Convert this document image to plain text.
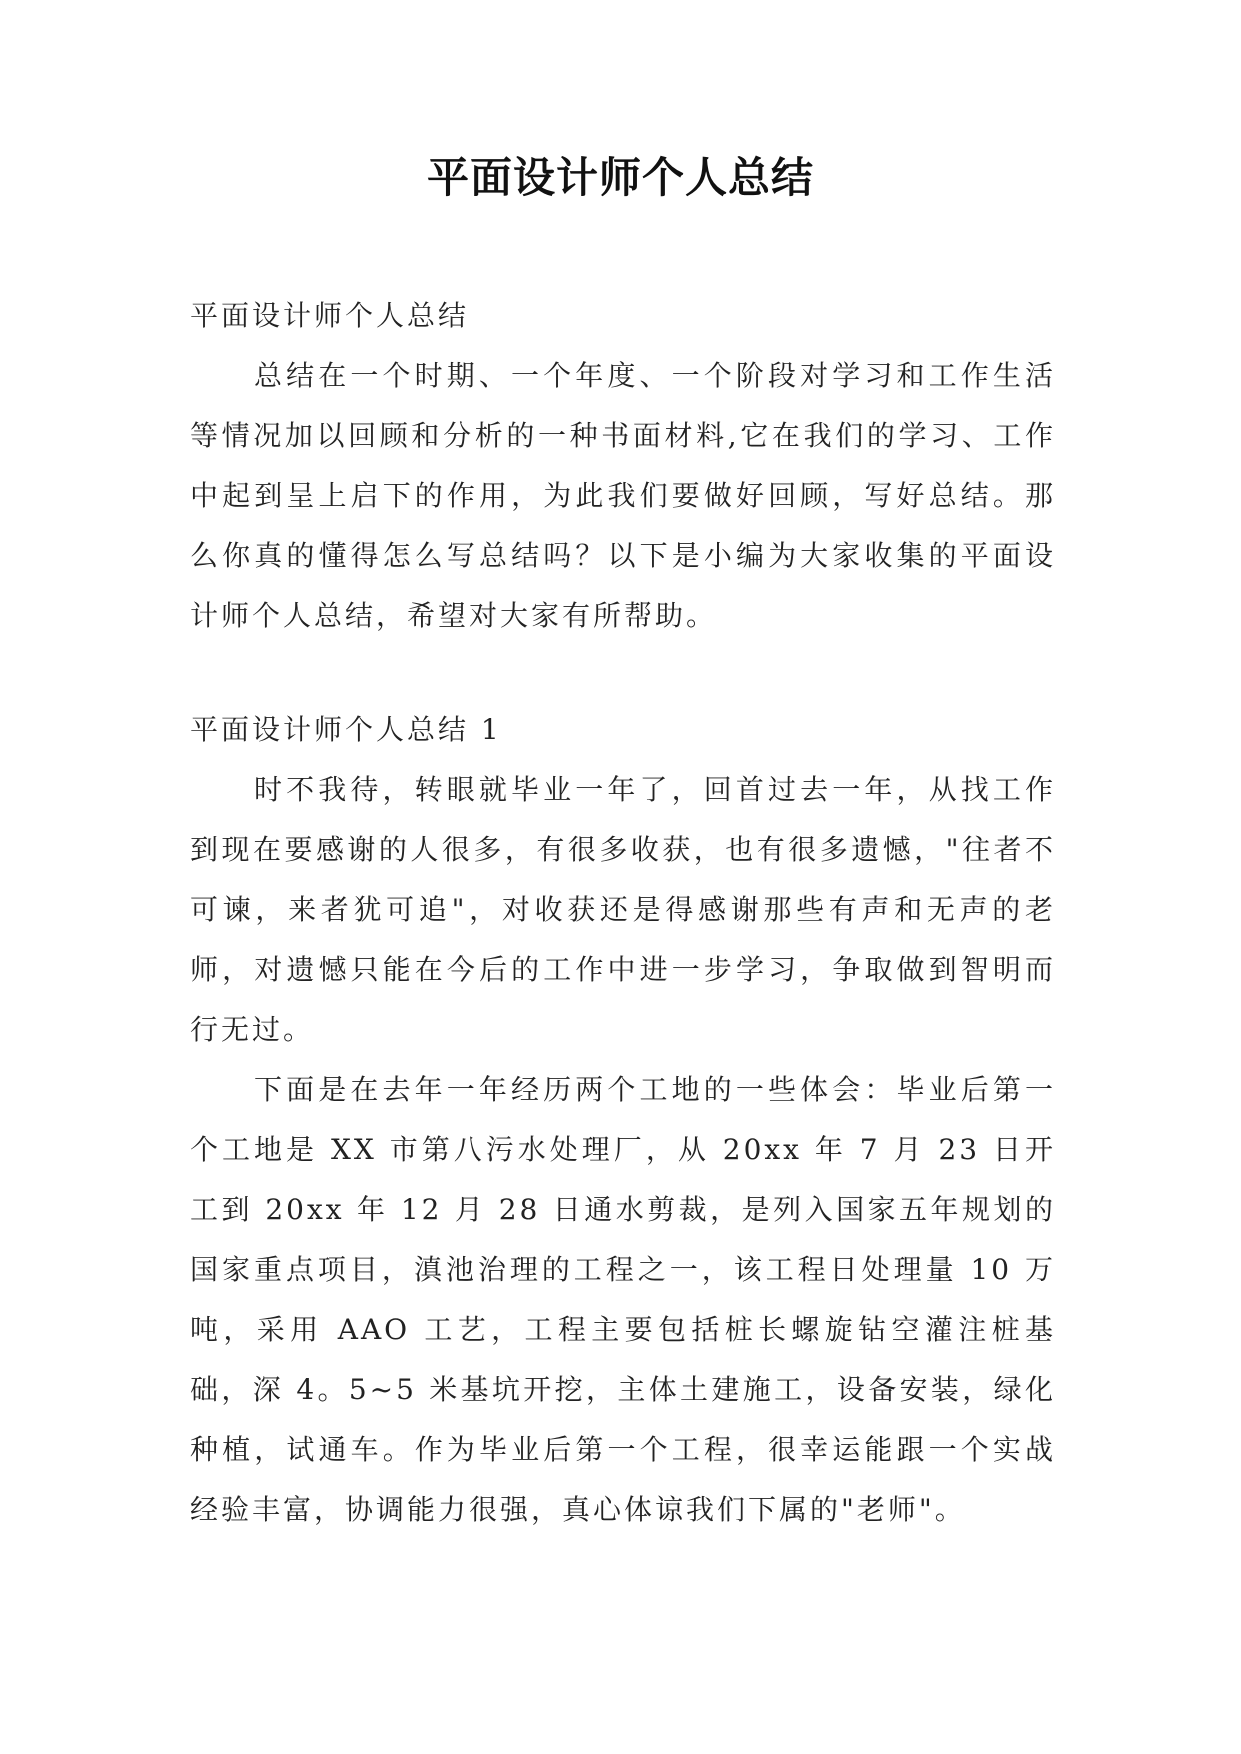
平面设计师个人总结

平面设计师个人总结

总结在一个时期、一个年度、一个阶段对学习和工作生活等情况加以回顾和分析的一种书面材料,它在我们的学习、工作中起到呈上启下的作用，为此我们要做好回顾，写好总结。那么你真的懂得怎么写总结吗？以下是小编为大家收集的平面设计师个人总结，希望对大家有所帮助。

平面设计师个人总结 1

时不我待，转眼就毕业一年了，回首过去一年，从找工作到现在要感谢的人很多，有很多收获，也有很多遗憾，"往者不可谏，来者犹可追"，对收获还是得感谢那些有声和无声的老师，对遗憾只能在今后的工作中进一步学习，争取做到智明而行无过。

下面是在去年一年经历两个工地的一些体会：毕业后第一个工地是 XX 市第八污水处理厂，从 20xx 年 7 月 23 日开工到 20xx 年 12 月 28 日通水剪裁，是列入国家五年规划的国家重点项目，滇池治理的工程之一，该工程日处理量 10 万吨，采用 AAO 工艺，工程主要包括桩长螺旋钻空灌注桩基础，深 4。5~5 米基坑开挖，主体土建施工，设备安装，绿化种植，试通车。作为毕业后第一个工程，很幸运能跟一个实战经验丰富，协调能力很强，真心体谅我们下属的"老师"。
